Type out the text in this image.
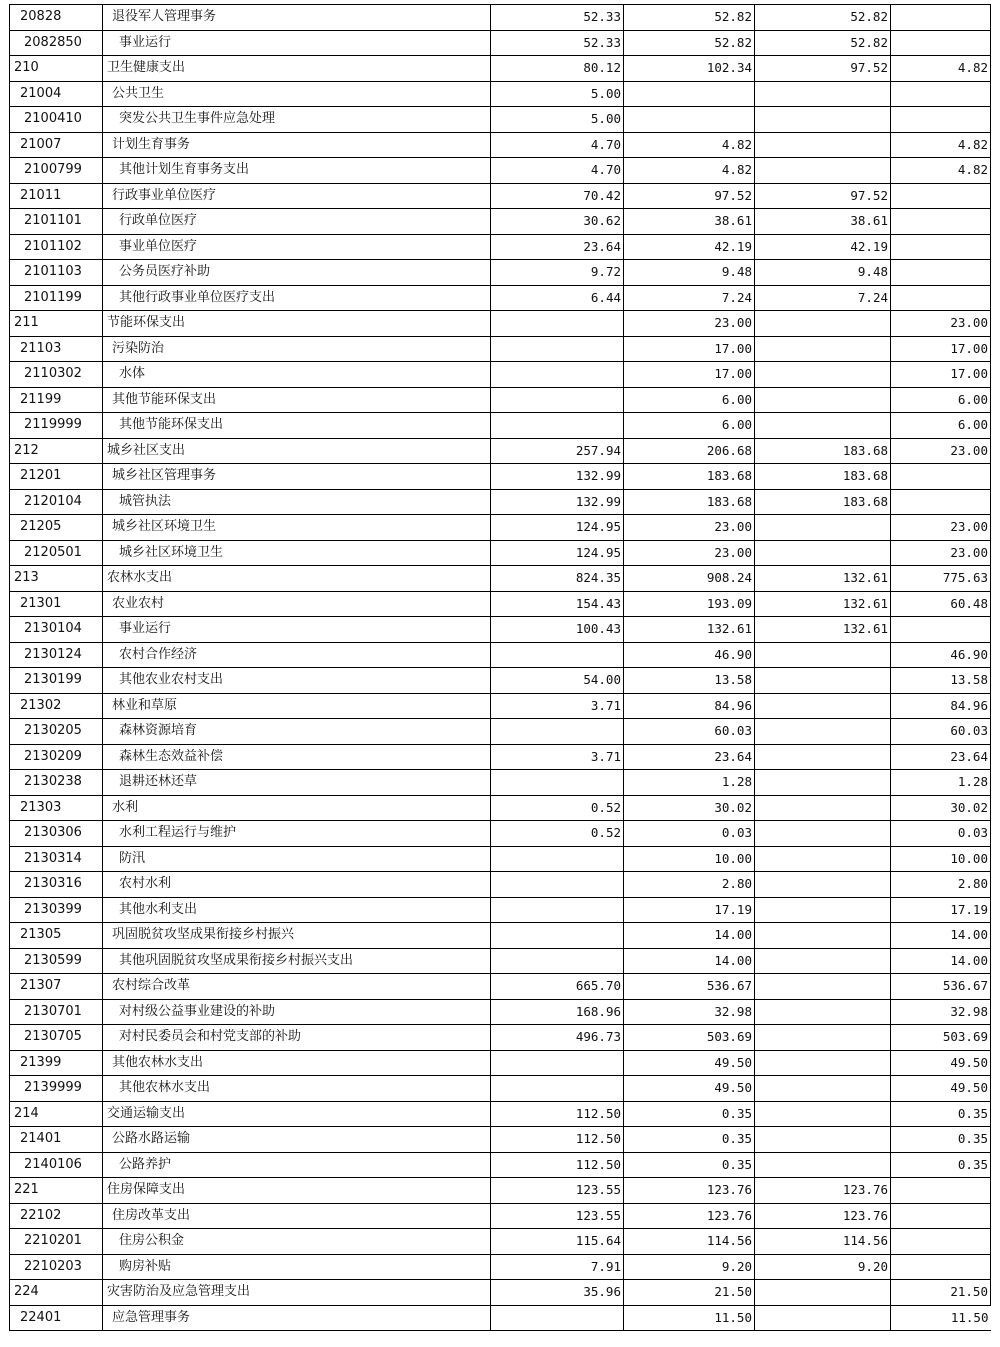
20828	退役军人管理事务	52.33	52.82	52.82	
2082850	事业运行	52.33	52.82	52.82	
210	卫生健康支出	80.12	102.34	97.52	4.82
21004	公共卫生	5.00			
2100410	突发公共卫生事件应急处理	5.00			
21007	计划生育事务	4.70	4.82		4.82
2100799	其他计划生育事务支出	4.70	4.82		4.82
21011	行政事业单位医疗	70.42	97.52	97.52	
2101101	行政单位医疗	30.62	38.61	38.61	
2101102	事业单位医疗	23.64	42.19	42.19	
2101103	公务员医疗补助	9.72	9.48	9.48	
2101199	其他行政事业单位医疗支出	6.44	7.24	7.24	
211	节能环保支出		23.00		23.00
21103	污染防治		17.00		17.00
2110302	水体		17.00		17.00
21199	其他节能环保支出		6.00		6.00
2119999	其他节能环保支出		6.00		6.00
212	城乡社区支出	257.94	206.68	183.68	23.00
21201	城乡社区管理事务	132.99	183.68	183.68	
2120104	城管执法	132.99	183.68	183.68	
21205	城乡社区环境卫生	124.95	23.00		23.00
2120501	城乡社区环境卫生	124.95	23.00		23.00
213	农林水支出	824.35	908.24	132.61	775.63
21301	农业农村	154.43	193.09	132.61	60.48
2130104	事业运行	100.43	132.61	132.61	
2130124	农村合作经济		46.90		46.90
2130199	其他农业农村支出	54.00	13.58		13.58
21302	林业和草原	3.71	84.96		84.96
2130205	森林资源培育		60.03		60.03
2130209	森林生态效益补偿	3.71	23.64		23.64
2130238	退耕还林还草		1.28		1.28
21303	水利	0.52	30.02		30.02
2130306	水利工程运行与维护	0.52	0.03		0.03
2130314	防汛		10.00		10.00
2130316	农村水利		2.80		2.80
2130399	其他水利支出		17.19		17.19
21305	巩固脱贫攻坚成果衔接乡村振兴		14.00		14.00
2130599	其他巩固脱贫攻坚成果衔接乡村振兴支出		14.00		14.00
21307	农村综合改革	665.70	536.67		536.67
2130701	对村级公益事业建设的补助	168.96	32.98		32.98
2130705	对村民委员会和村党支部的补助	496.73	503.69		503.69
21399	其他农林水支出		49.50		49.50
2139999	其他农林水支出		49.50		49.50
214	交通运输支出	112.50	0.35		0.35
21401	公路水路运输	112.50	0.35		0.35
2140106	公路养护	112.50	0.35		0.35
221	住房保障支出	123.55	123.76	123.76	
22102	住房改革支出	123.55	123.76	123.76	
2210201	住房公积金	115.64	114.56	114.56	
2210203	购房补贴	7.91	9.20	9.20	
224	灾害防治及应急管理支出	35.96	21.50		21.50
22401	应急管理事务		11.50		11.50
